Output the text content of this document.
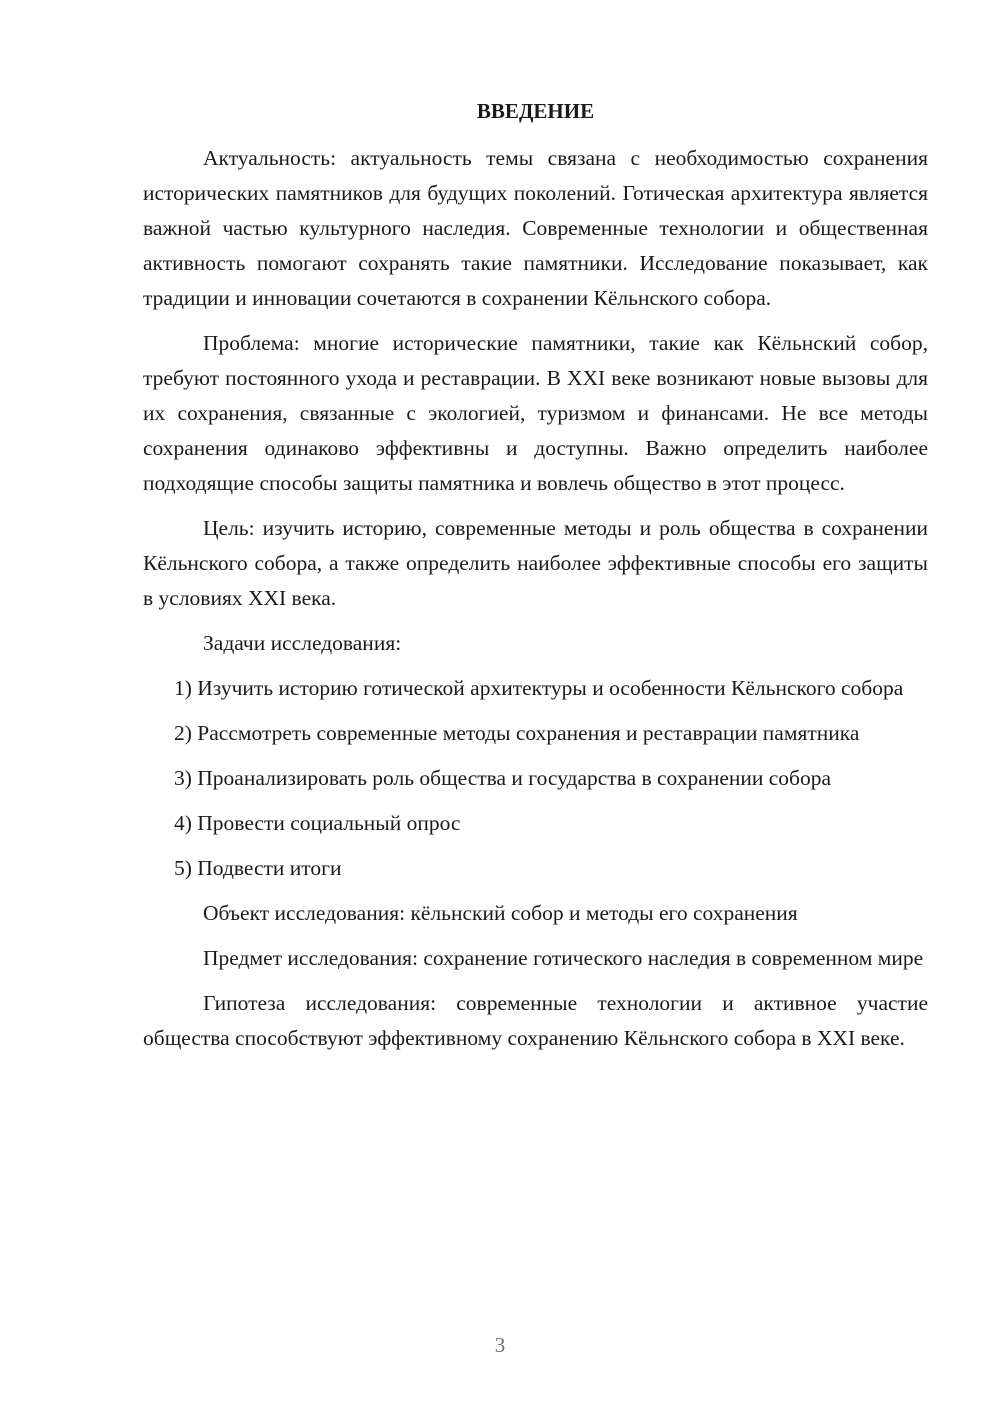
ВВЕДЕНИЕ

Актуальность: актуальность темы связана с необходимостью сохранения исторических памятников для будущих поколений. Готическая архитектура является важной частью культурного наследия. Современные технологии и общественная активность помогают сохранять такие памятники. Исследование показывает, как традиции и инновации сочетаются в сохранении Кёльнского собора.

Проблема: многие исторические памятники, такие как Кёльнский собор, требуют постоянного ухода и реставрации. В XXI веке возникают новые вызовы для их сохранения, связанные с экологией, туризмом и финансами. Не все методы сохранения одинаково эффективны и доступны. Важно определить наиболее подходящие способы защиты памятника и вовлечь общество в этот процесс.

Цель: изучить историю, современные методы и роль общества в сохранении Кёльнского собора, а также определить наиболее эффективные способы его защиты в условиях XXI века.

Задачи исследования:

1) Изучить историю готической архитектуры и особенности Кёльнского собора

2) Рассмотреть современные методы сохранения и реставрации памятника

3) Проанализировать роль общества и государства в сохранении собора

4) Провести социальный опрос

5) Подвести итоги

Объект исследования: кёльнский собор и методы его сохранения

Предмет исследования: сохранение готического наследия в современном мире

Гипотеза исследования: современные технологии и активное участие общества способствуют эффективному сохранению Кёльнского собора в XXI веке.

3
